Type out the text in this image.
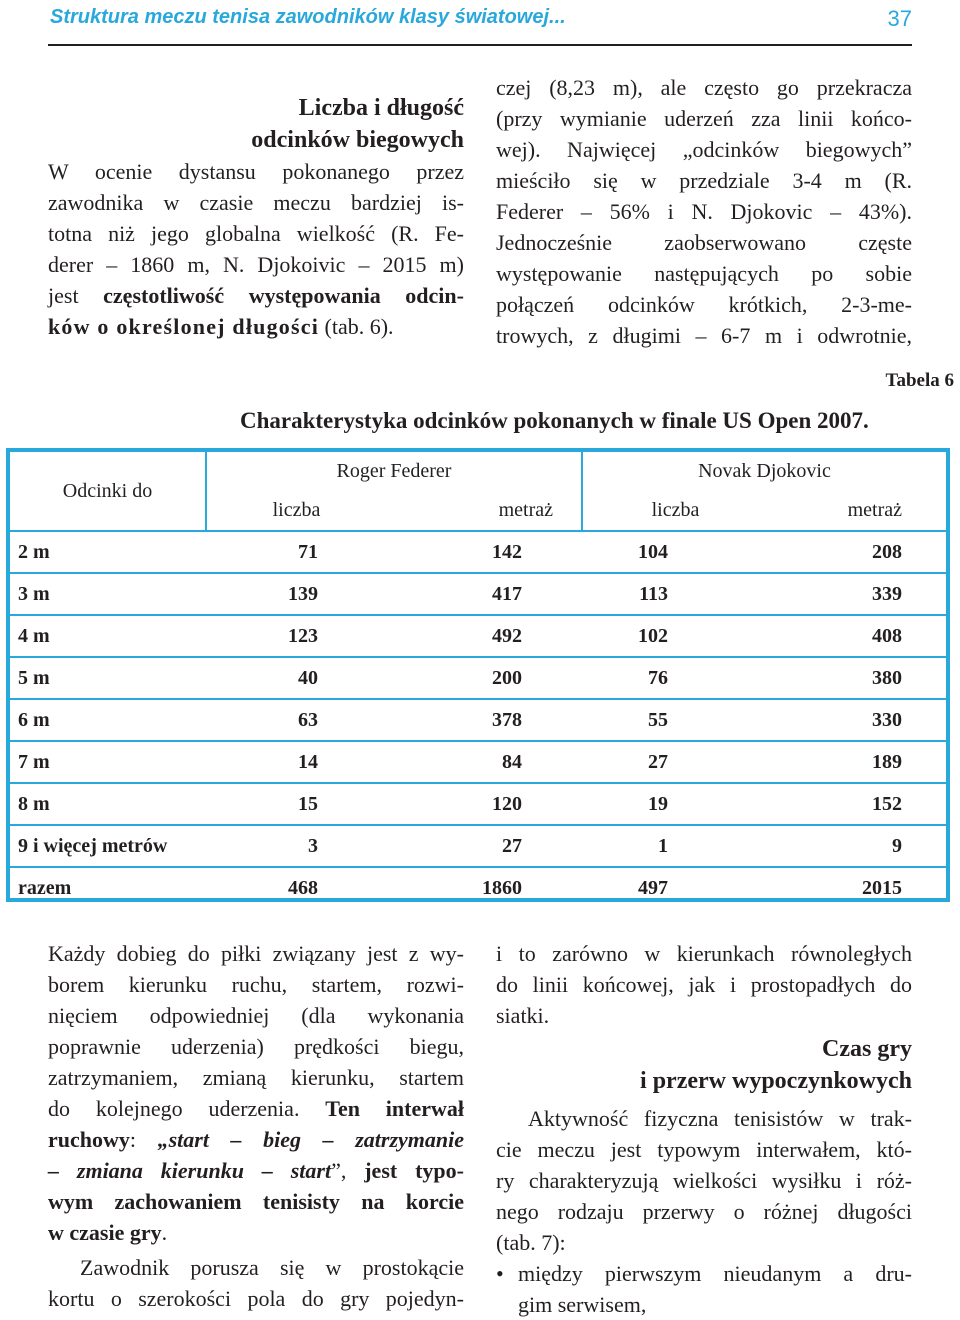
Struktura meczu tenisa zawodników klasy światowej...	37
Liczba i długość
odcinków biegowych

W ocenie dystansu pokonanego przez

zawodnika w czasie meczu bardziej is-

totna niż jego globalna wielkość (R. Fe-

derer – 1860 m, N. Djokoivic – 2015 m)

jest częstotliwość występowania odcin-

ków o określonej długości (tab. 6).

czej (8,23 m), ale często go przekracza

(przy wymianie uderzeń zza linii końco-

wej). Najwięcej „odcinków biegowych”

mieściło się w przedziale 3-4 m (R.

Federer – 56% i N. Djokovic – 43%).

Jednocześnie zaobserwowano częste

występowanie następujących po sobie

połączeń odcinków krótkich, 2-3-me-

trowych, z długimi – 6-7 m i odwrotnie,

Tabela 6
Charakterystyka odcinków pokonanych w finale US Open 2007.
Odcinki do	Roger Federer		Novak Djokovic	
	liczba	metraż	liczba	metraż
2 m	71	142	104	208
3 m	139	417	113	339
4 m	123	492	102	408
5 m	40	200	76	380
6 m	63	378	55	330
7 m	14	84	27	189
8 m	15	120	19	152
9 i więcej metrów	3	27	1	9
razem	468	1860	497	2015

Każdy dobieg do piłki związany jest z wy-

borem kierunku ruchu, startem, rozwi-

nięciem odpowiedniej (dla wykonania

poprawnie uderzenia) prędkości biegu,

zatrzymaniem, zmianą kierunku, startem

do kolejnego uderzenia. Ten interwał

ruchowy: „start – bieg – zatrzymanie

– zmiana kierunku – start”, jest typo-

wym zachowaniem tenisisty na korcie

w czasie gry.

Zawodnik porusza się w prostokącie

kortu o szerokości pola do gry pojedyn-

i to zarówno w kierunkach równoległych

do linii końcowej, jak i prostopadłych do

siatki.

Czas gry
i przerw wypoczynkowych

Aktywność fizyczna tenisistów w trak-

cie meczu jest typowym interwałem, któ-

ry charakteryzują wielkości wysiłku i róż-

nego rodzaju przerwy o różnej długości

(tab. 7):

• między pierwszym nieudanym a dru-

gim serwisem,
